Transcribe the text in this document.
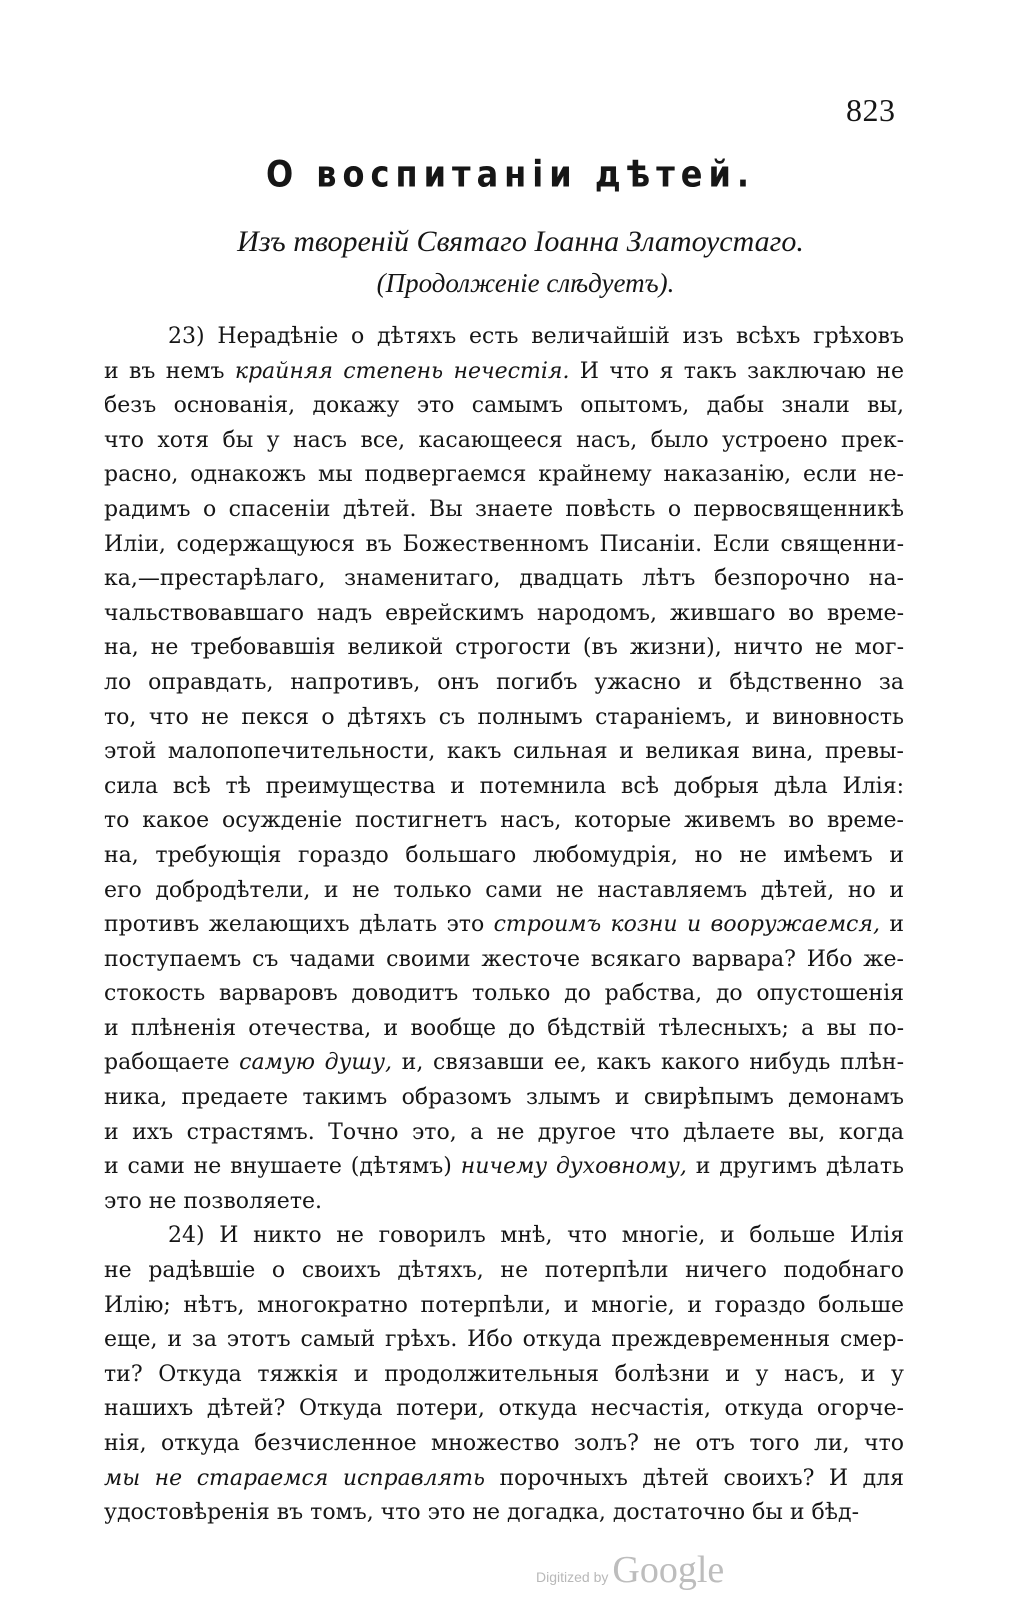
823
О воспитаніи дѣтей.
Изъ твореній Святаго Іоанна Златоустаго.
(Продолженіе слѣдуетъ).

23) Нерадѣніе о дѣтяхъ есть величайшій изъ всѣхъ грѣховъ

и въ немъ крайняя степень нечестія. И что я такъ заключаю не

безъ основанія, докажу это самымъ опытомъ, дабы знали вы,

что хотя бы у насъ все, касающееся насъ, было устроено прек-

расно, однакожъ мы подвергаемся крайнему наказанію, если не-

радимъ о спасеніи дѣтей. Вы знаете повѣсть о первосвященникѣ

Иліи, содержащуюся въ Божественномъ Писаніи. Если священни-

ка,—престарѣлаго, знаменитаго, двадцать лѣтъ безпорочно на-

чальствовавшаго надъ еврейскимъ народомъ, жившаго во време-

на, не требовавшія великой строгости (въ жизни), ничто не мог-

ло оправдать, напротивъ, онъ погибъ ужасно и бѣдственно за

то, что не пекся о дѣтяхъ съ полнымъ стараніемъ, и виновность

этой малопопечительности, какъ сильная и великая вина, превы-

сила всѣ тѣ преимущества и потемнила всѣ добрыя дѣла Илія:

то какое осужденіе постигнетъ насъ, которые живемъ во време-

на, требующія гораздо большаго любомудрія, но не имѣемъ и

его добродѣтели, и не только сами не наставляемъ дѣтей, но и

противъ желающихъ дѣлать это строимъ козни и вооружаемся, и

поступаемъ съ чадами своими жесточе всякаго варвара? Ибо же-

стокость варваровъ доводитъ только до рабства, до опустошенія

и плѣненія отечества, и вообще до бѣдствій тѣлесныхъ; а вы по-

рабощаете самую душу, и, связавши ее, какъ какого нибудь плѣн-

ника, предаете такимъ образомъ злымъ и свирѣпымъ демонамъ

и ихъ страстямъ. Точно это, а не другое что дѣлаете вы, когда

и сами не внушаете (дѣтямъ) ничему духовному, и другимъ дѣлать

это не позволяете.

24) И никто не говорилъ мнѣ, что многіе, и больше Илія

не радѣвшіе о своихъ дѣтяхъ, не потерпѣли ничего подобнаго

Илію; нѣтъ, многократно потерпѣли, и многіе, и гораздо больше

еще, и за этотъ самый грѣхъ. Ибо откуда преждевременныя смер-

ти? Откуда тяжкія и продолжительныя болѣзни и у насъ, и у

нашихъ дѣтей? Откуда потери, откуда несчастія, откуда огорче-

нія, откуда безчисленное множество золъ? не отъ того ли, что

мы не стараемся исправлять порочныхъ дѣтей своихъ? И для

удостовѣренія въ томъ, что это не догадка, достаточно бы и бѣд-

Digitized by Google
